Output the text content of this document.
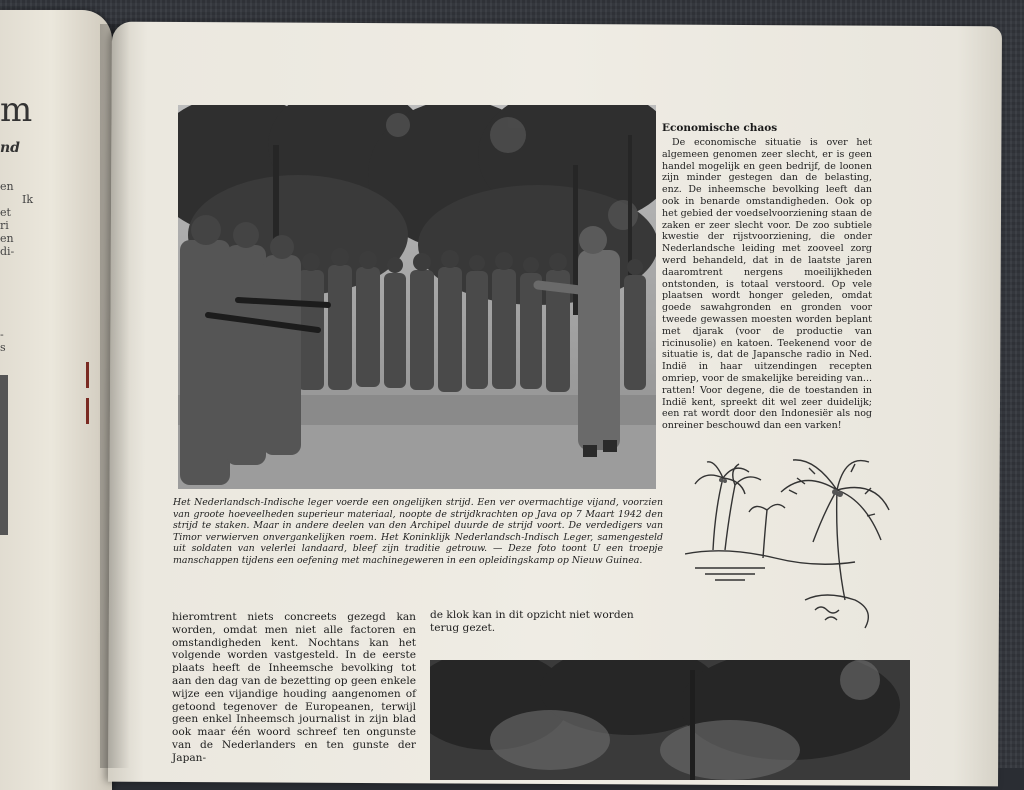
m
nd
en
Ik
et
ri
en
di-
-
s

Het Nederlandsch-Indische leger voerde een ongelijken strijd. Een ver overmachtige vijand, voorzien van groote hoeveelheden superieur materiaal, noopte de strijdkrachten op Java op 7 Maart 1942 den strijd te staken. Maar in andere deelen van den Archipel duurde de strijd voort. De verdedigers van Timor verwierven onvergankelijken roem. Het Koninklijk Nederlandsch-Indisch Leger, samengesteld uit soldaten van velerlei landaard, bleef zijn traditie getrouw. — Deze foto toont U een troepje manschappen tijdens een oefening met machinegeweren in een opleidingskamp op Nieuw Guinea.

Economische chaos

De economische situatie is over het algemeen genomen zeer slecht, er is geen handel mogelijk en geen bedrijf, de loonen zijn minder gestegen dan de belasting, enz. De inheemsche bevolking leeft dan ook in benarde omstandigheden. Ook op het gebied der voedselvoorziening staan de zaken er zeer slecht voor. De zoo subtiele kwestie der rijstvoorziening, die onder Nederlandsche leiding met zooveel zorg werd behandeld, dat in de laatste jaren daaromtrent nergens moeilijkheden ontstonden, is totaal verstoord. Op vele plaatsen wordt honger geleden, omdat goede sawahgronden en gronden voor tweede gewassen moesten worden beplant met djarak (voor de productie van ricinusolie) en katoen. Teekenend voor de situatie is, dat de Japansche radio in Ned. Indië in haar uitzendingen recepten omriep, voor de smakelijke bereiding van... ratten! Voor degene, die de toestanden in Indië kent, spreekt dit wel zeer duidelijk; een rat wordt door den Indonesiër als nog onreiner beschouwd dan een varken!

hieromtrent niets concreets gezegd kan worden, omdat men niet alle factoren en omstandigheden kent. Nochtans kan het volgende worden vastgesteld. In de eerste plaats heeft de Inheemsche bevolking tot aan den dag van de bezetting op geen enkele wijze een vijandige houding aangenomen of getoond tegenover de Europeanen, terwijl geen enkel Inheemsch journalist in zijn blad ook maar één woord schreef ten ongunste van de Nederlanders en ten gunste der Japan-

de klok kan in dit opzicht niet worden terug gezet.
